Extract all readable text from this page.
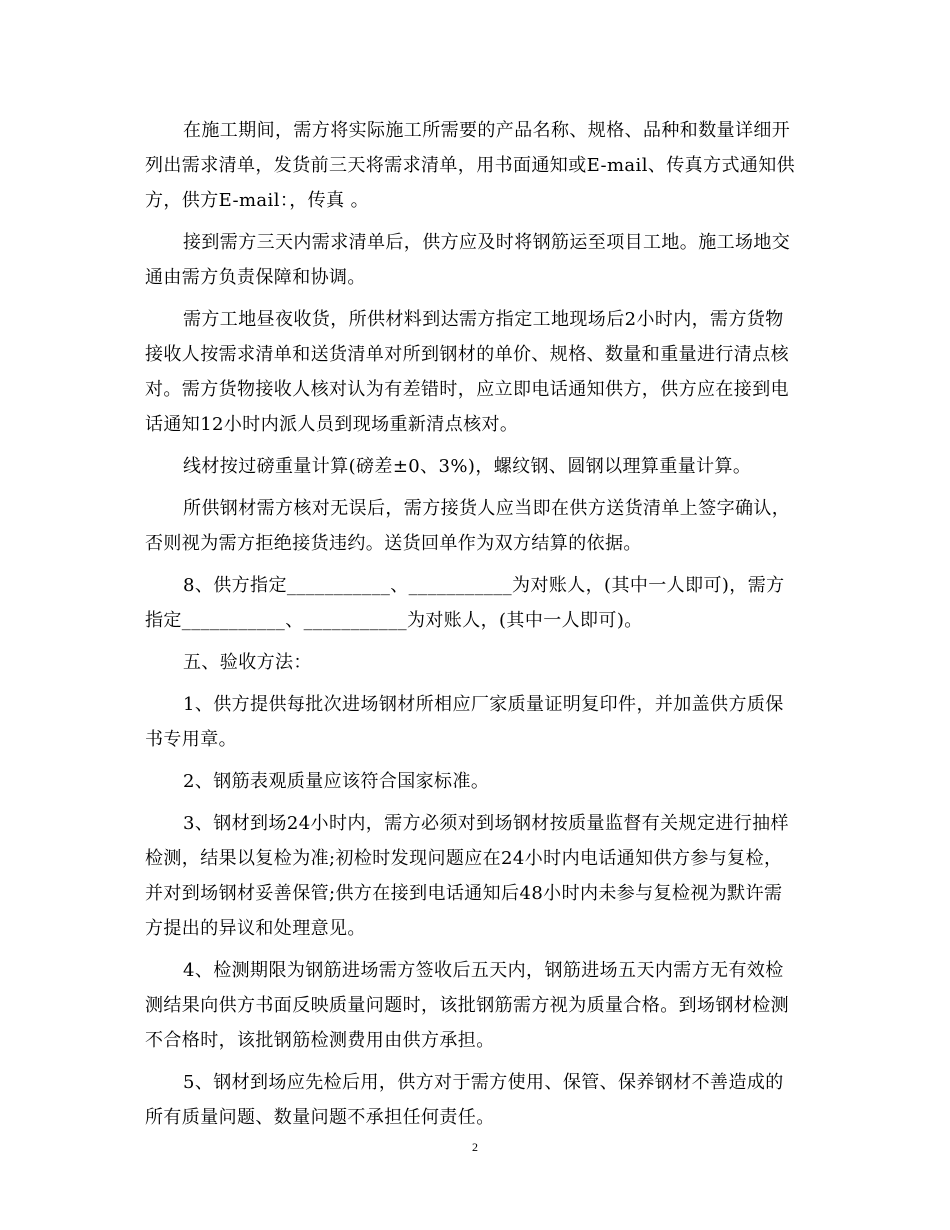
在施工期间，需方将实际施工所需要的产品名称、规格、品种和数量详细开
列出需求清单，发货前三天将需求清单，用书面通知或E-mail、传真方式通知供
方，供方E-mail：，传真 。
接到需方三天内需求清单后，供方应及时将钢筋运至项目工地。施工场地交
通由需方负责保障和协调。
需方工地昼夜收货，所供材料到达需方指定工地现场后2小时内，需方货物
接收人按需求清单和送货清单对所到钢材的单价、规格、数量和重量进行清点核
对。需方货物接收人核对认为有差错时，应立即电话通知供方，供方应在接到电
话通知12小时内派人员到现场重新清点核对。
线材按过磅重量计算(磅差±0、3%)，螺纹钢、圆钢以理算重量计算。
所供钢材需方核对无误后，需方接货人应当即在供方送货清单上签字确认，
否则视为需方拒绝接货违约。送货回单作为双方结算的依据。
8、供方指定___________、___________为对账人，(其中一人即可)，需方
指定___________、___________为对账人，(其中一人即可)。
五、验收方法：
1、供方提供每批次进场钢材所相应厂家质量证明复印件，并加盖供方质保
书专用章。
2、钢筋表观质量应该符合国家标准。
3、钢材到场24小时内，需方必须对到场钢材按质量监督有关规定进行抽样
检测，结果以复检为准;初检时发现问题应在24小时内电话通知供方参与复检，
并对到场钢材妥善保管;供方在接到电话通知后48小时内未参与复检视为默许需
方提出的异议和处理意见。
4、检测期限为钢筋进场需方签收后五天内，钢筋进场五天内需方无有效检
测结果向供方书面反映质量问题时，该批钢筋需方视为质量合格。到场钢材检测
不合格时，该批钢筋检测费用由供方承担。
5、钢材到场应先检后用，供方对于需方使用、保管、保养钢材不善造成的
所有质量问题、数量问题不承担任何责任。
2
